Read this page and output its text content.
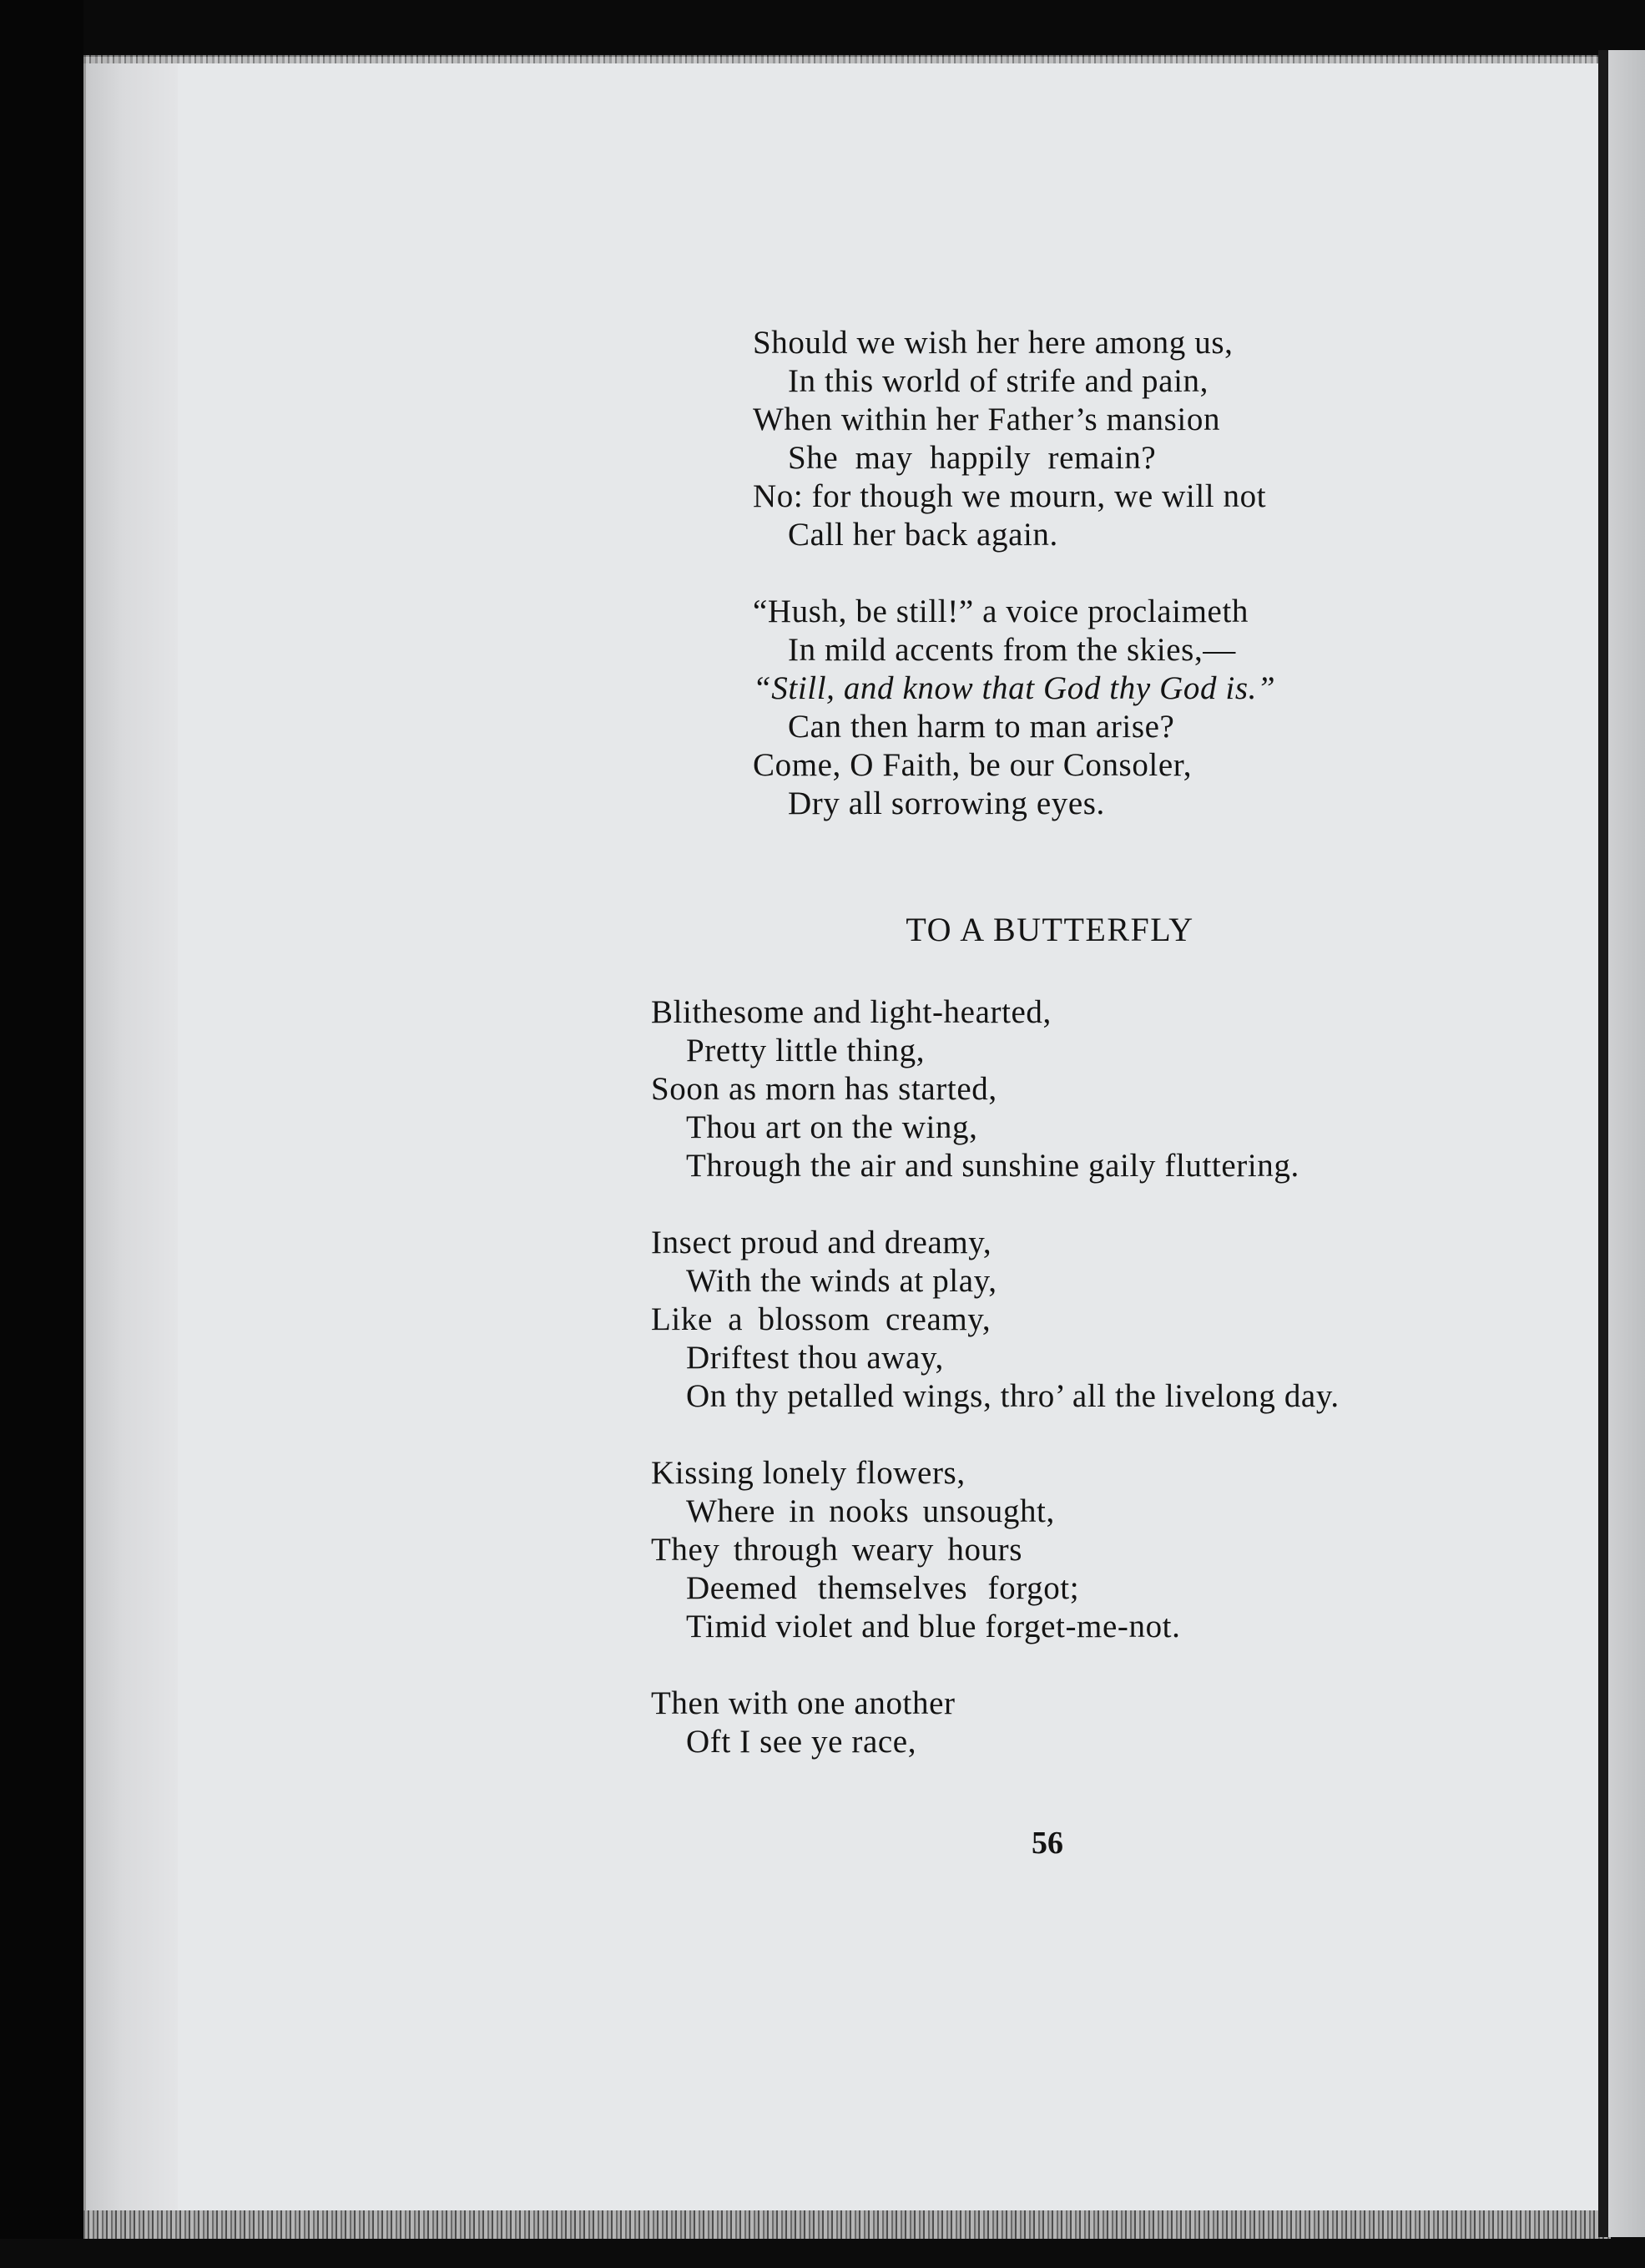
Should we wish her here among us,
In this world of strife and pain,
When within her Father’s mansion
She may happily remain?
No: for though we mourn, we will not
Call her back again.
“Hush, be still!” a voice proclaimeth
In mild accents from the skies,—
“Still, and know that God thy God is.”
Can then harm to man arise?
Come, O Faith, be our Consoler,
Dry all sorrowing eyes.
TO A BUTTERFLY
Blithesome and light-hearted,
Pretty little thing,
Soon as morn has started,
Thou art on the wing,
Through the air and sunshine gaily fluttering.
Insect proud and dreamy,
With the winds at play,
Like a blossom creamy,
Driftest thou away,
On thy petalled wings, thro’ all the livelong day.
Kissing lonely flowers,
Where in nooks unsought,
They through weary hours
Deemed themselves forgot;
Timid violet and blue forget-me-not.
Then with one another
Oft I see ye race,
56
